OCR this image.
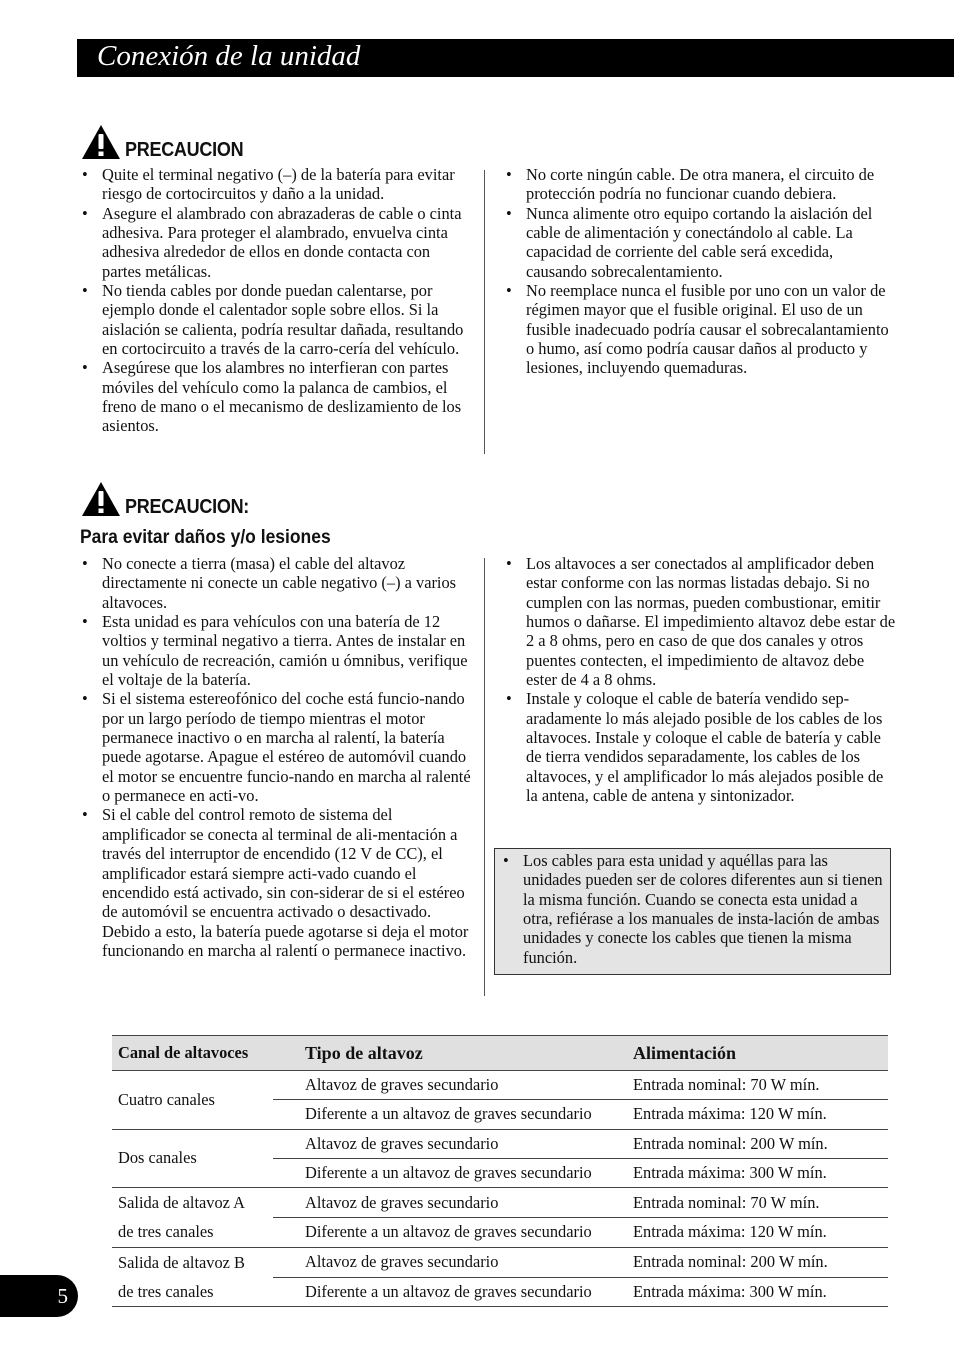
Conexión de la unidad
PRECAUCION
• Quite el terminal negativo (–) de la batería para evitar riesgo de cortocircuitos y daño a la unidad.
• Asegure el alambrado con abrazaderas de cable o cinta adhesiva. Para proteger el alambrado, envuelva cinta adhesiva alrededor de ellos en donde contacta con partes metálicas.
• No tienda cables por donde puedan calentarse, por ejemplo donde el calentador sople sobre ellos. Si la aislación se calienta, podría resultar dañada, resultando en cortocircuito a través de la carro-cería del vehículo.
• Asegúrese que los alambres no interfieran con partes móviles del vehículo como la palanca de cambios, el freno de mano o el mecanismo de deslizamiento de los asientos.
• No corte ningún cable. De otra manera, el circuito de protección podría no funcionar cuando debiera.
• Nunca alimente otro equipo cortando la aislación del cable de alimentación y conectándolo al cable. La capacidad de corriente del cable será excedida, causando sobrecalentamiento.
• No reemplace nunca el fusible por uno con un valor de régimen mayor que el fusible original. El uso de un fusible inadecuado podría causar el sobrecalantamiento o humo, así como podría causar daños al producto y lesiones, incluyendo quemaduras.
PRECAUCION:
Para evitar daños y/o lesiones
• No conecte a tierra (masa) el cable del altavoz directamente ni conecte un cable negativo (–) a varios altavoces.
• Esta unidad es para vehículos con una batería de 12 voltios y terminal negativo a tierra. Antes de instalar en un vehículo de recreación, camión u ómnibus, verifique el voltaje de la batería.
• Si el sistema estereofónico del coche está funcio-nando por un largo período de tiempo mientras el motor permanece inactivo o en marcha al ralentí, la batería puede agotarse. Apague el estéreo de automóvil cuando el motor se encuentre funcio-nando en marcha al ralenté o permanece en acti-vo.
• Si el cable del control remoto de sistema del amplificador se conecta al terminal de ali-mentación a través del interruptor de encendido (12 V de CC), el amplificador estará siempre acti-vado cuando el encendido está activado, sin con-siderar de si el estéreo de automóvil se encuentra activado o desactivado. Debido a esto, la batería puede agotarse si deja el motor funcionando en marcha al ralentí o permanece inactivo.
• Los altavoces a ser conectados al amplificador deben estar conforme con las normas listadas debajo. Si no cumplen con las normas, pueden combustionar, emitir humos o dañarse. El impedimiento altavoz debe estar de 2 a 8 ohms, pero en caso de que dos canales y otros puentes contecten, el impedimiento de altavoz debe ester de 4 a 8 ohms.
• Instale y coloque el cable de batería vendido sep-aradamente lo más alejado posible de los cables de los altavoces. Instale y coloque el cable de batería y cable de tierra vendidos separadamente, los cables de los altavoces, y el amplificador lo más alejados posible de la antena, cable de antena y sintonizador.
• Los cables para esta unidad y aquéllas para las unidades pueden ser de colores diferentes aun si tienen la misma función. Cuando se conecta esta unidad a otra, refiérase a los manuales de insta-lación de ambas unidades y conecte los cables que tienen la misma función.
Canal de altavoces	Tipo de altavoz	Alimentación
Cuatro canales	Altavoz de graves secundario	Entrada nominal: 70 W mín.
	Diferente a un altavoz de graves secundario	Entrada máxima: 120 W mín.
Dos canales	Altavoz de graves secundario	Entrada nominal: 200 W mín.
	Diferente a un altavoz de graves secundario	Entrada máxima: 300 W mín.

Salida de altavoz A
de tres canales	Altavoz de graves secundario	Entrada nominal: 70 W mín.
	Diferente a un altavoz de graves secundario	Entrada máxima: 120 W mín.

Salida de altavoz B
de tres canales	Altavoz de graves secundario	Entrada nominal: 200 W mín.
	Diferente a un altavoz de graves secundario	Entrada máxima: 300 W mín.
5
